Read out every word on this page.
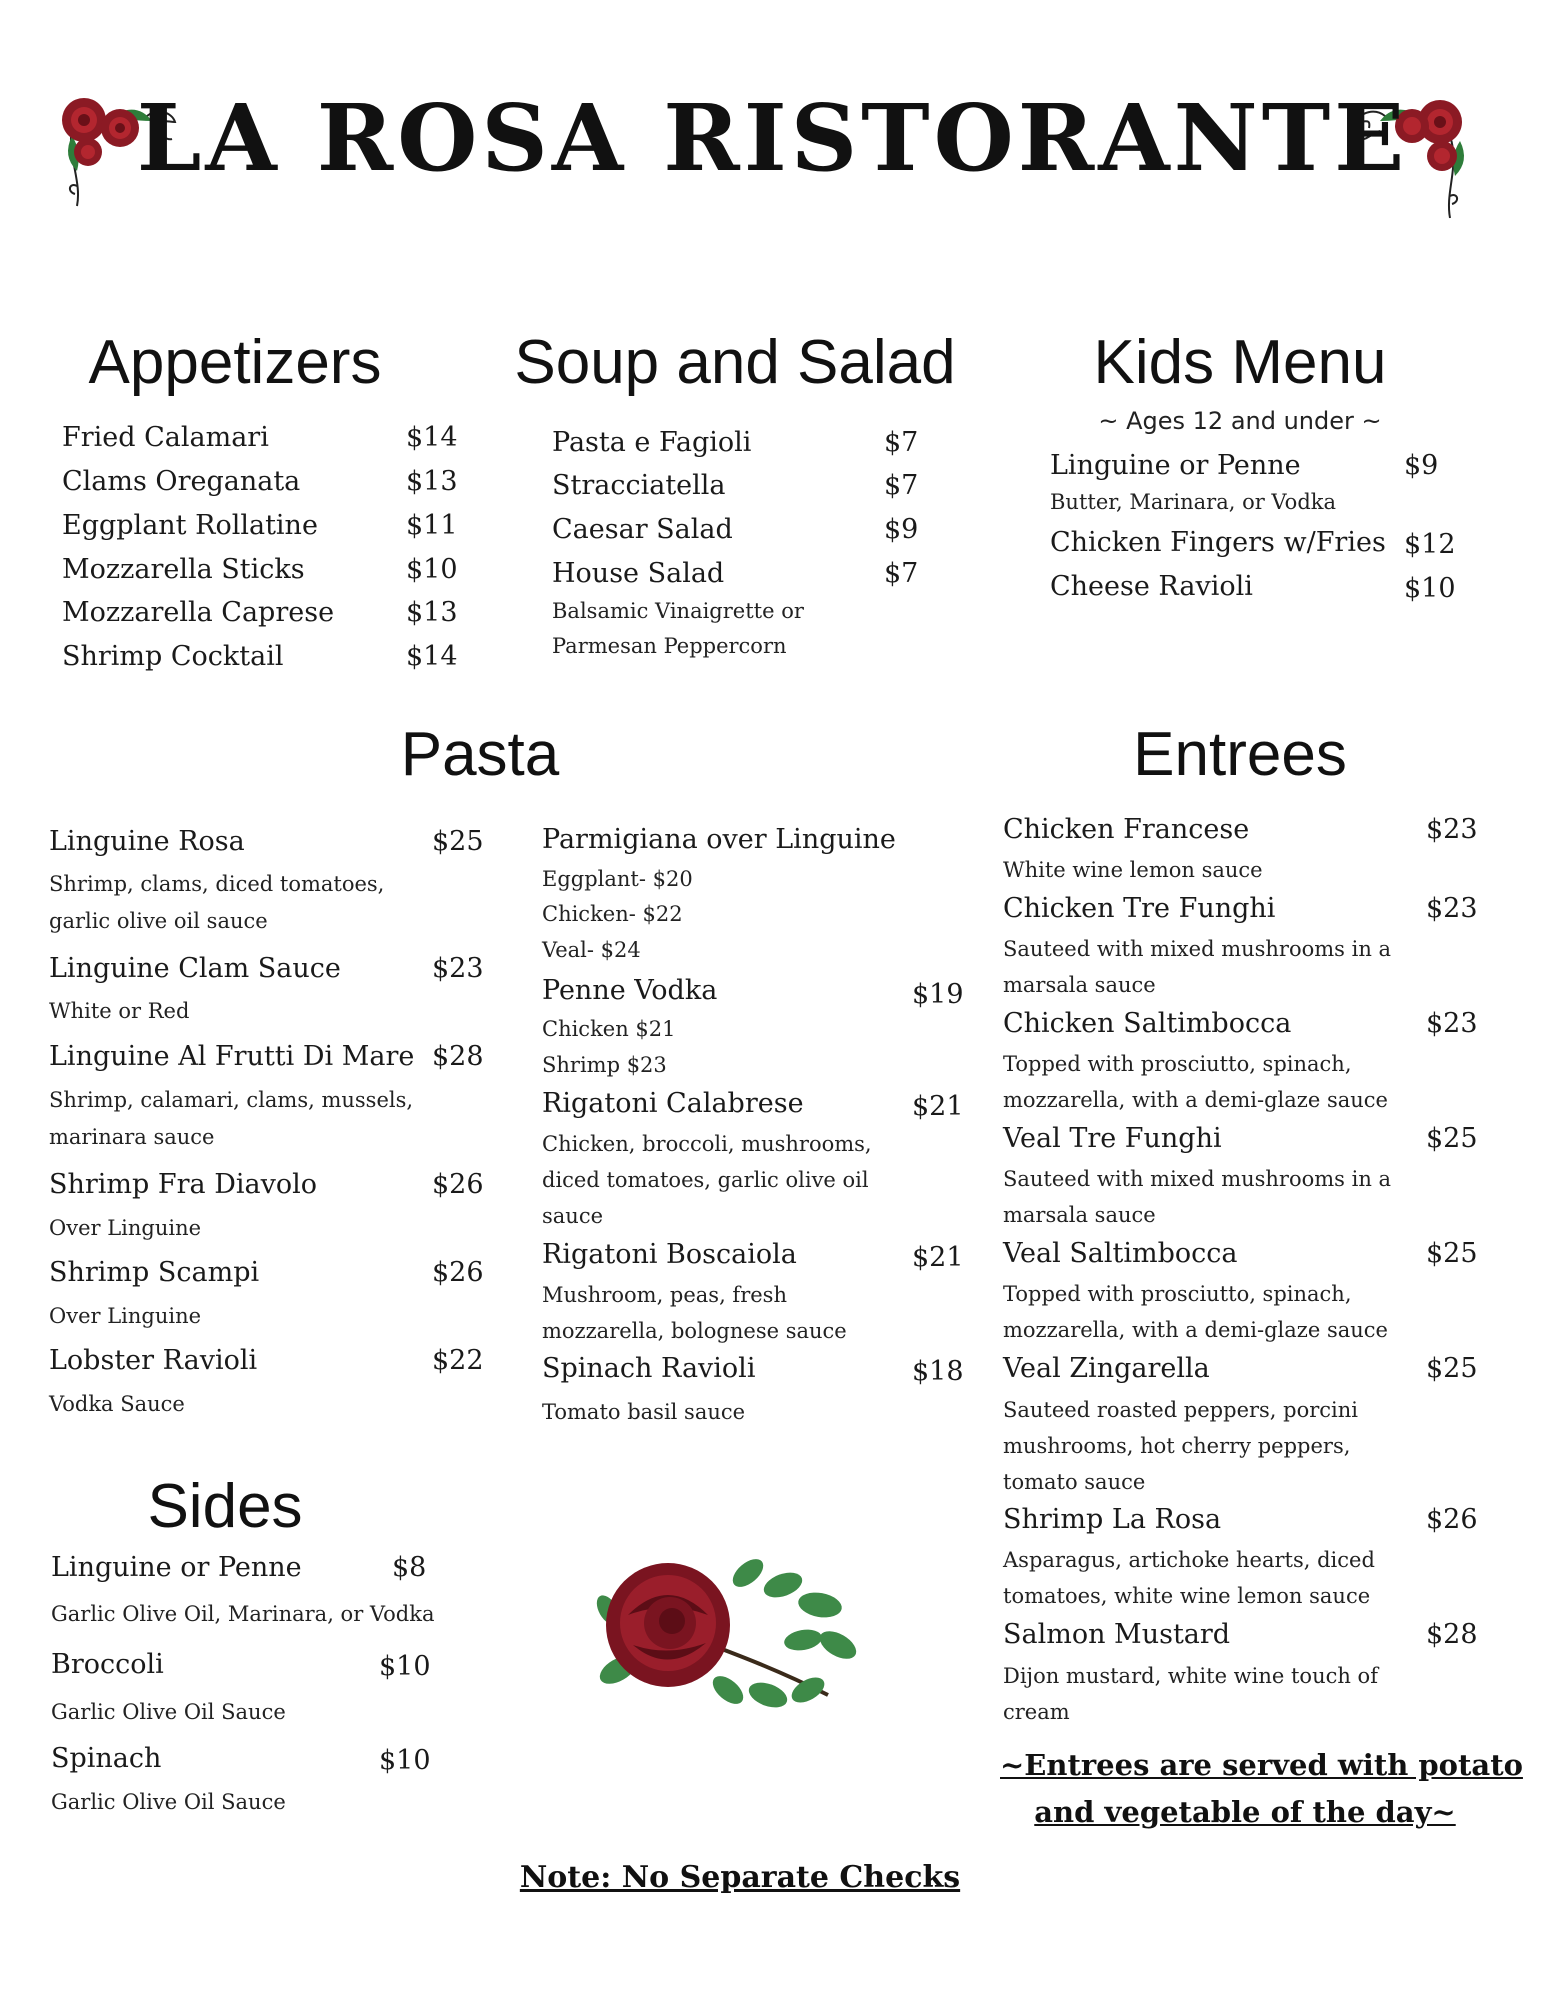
LA ROSA RISTORANTE
Appetizers
Fried Calamari	$14
Clams Oreganata	$13
Eggplant Rollatine	$11
Mozzarella Sticks	$10
Mozzarella Caprese	$13
Shrimp Cocktail	$14
Soup and Salad
Pasta e Fagioli	$7
Stracciatella	$7
Caesar Salad	$9
House Salad	$7
Balsamic Vinaigrette or
Parmesan Peppercorn
Kids Menu
~ Ages 12 and under ~
Linguine or Penne	$9
Butter, Marinara, or Vodka
Chicken Fingers w/Fries $12
Cheese Ravioli	$10
Pasta
Linguine Rosa	$25
Shrimp, clams, diced tomatoes,
garlic olive oil sauce
Linguine Clam Sauce	$23
White or Red
Linguine Al Frutti Di Mare $28
Shrimp, calamari, clams, mussels,
marinara sauce
Shrimp Fra Diavolo	$26
Over Linguine
Shrimp Scampi	$26
Over Linguine
Lobster Ravioli	$22
Vodka Sauce
Parmigiana over Linguine
Eggplant- $20
Chicken- $22
Veal- $24
Penne Vodka	$19
Chicken $21
Shrimp $23
Rigatoni Calabrese	$21
Chicken, broccoli, mushrooms,
diced tomatoes, garlic olive oil
sauce
Rigatoni Boscaiola	$21
Mushroom, peas, fresh
mozzarella, bolognese sauce
Spinach Ravioli	$18
Tomato basil sauce
Entrees
Chicken Francese	$23
White wine lemon sauce
Chicken Tre Funghi	$23
Sauteed with mixed mushrooms in a
marsala sauce
Chicken Saltimbocca	$23
Topped with prosciutto, spinach,
mozzarella, with a demi-glaze sauce
Veal Tre Funghi	$25
Sauteed with mixed mushrooms in a
marsala sauce
Veal Saltimbocca	$25
Topped with prosciutto, spinach,
mozzarella, with a demi-glaze sauce
Veal Zingarella	$25
Sauteed roasted peppers, porcini
mushrooms, hot cherry peppers,
tomato sauce
Shrimp La Rosa	$26
Asparagus, artichoke hearts, diced
tomatoes, white wine lemon sauce
Salmon Mustard	$28
Dijon mustard, white wine touch of
cream
~Entrees are served with potato
and vegetable of the day~
Sides
Linguine or Penne	$8
Garlic Olive Oil, Marinara, or Vodka
Broccoli	$10
Garlic Olive Oil Sauce
Spinach	$10
Garlic Olive Oil Sauce
Note: No Separate Checks
